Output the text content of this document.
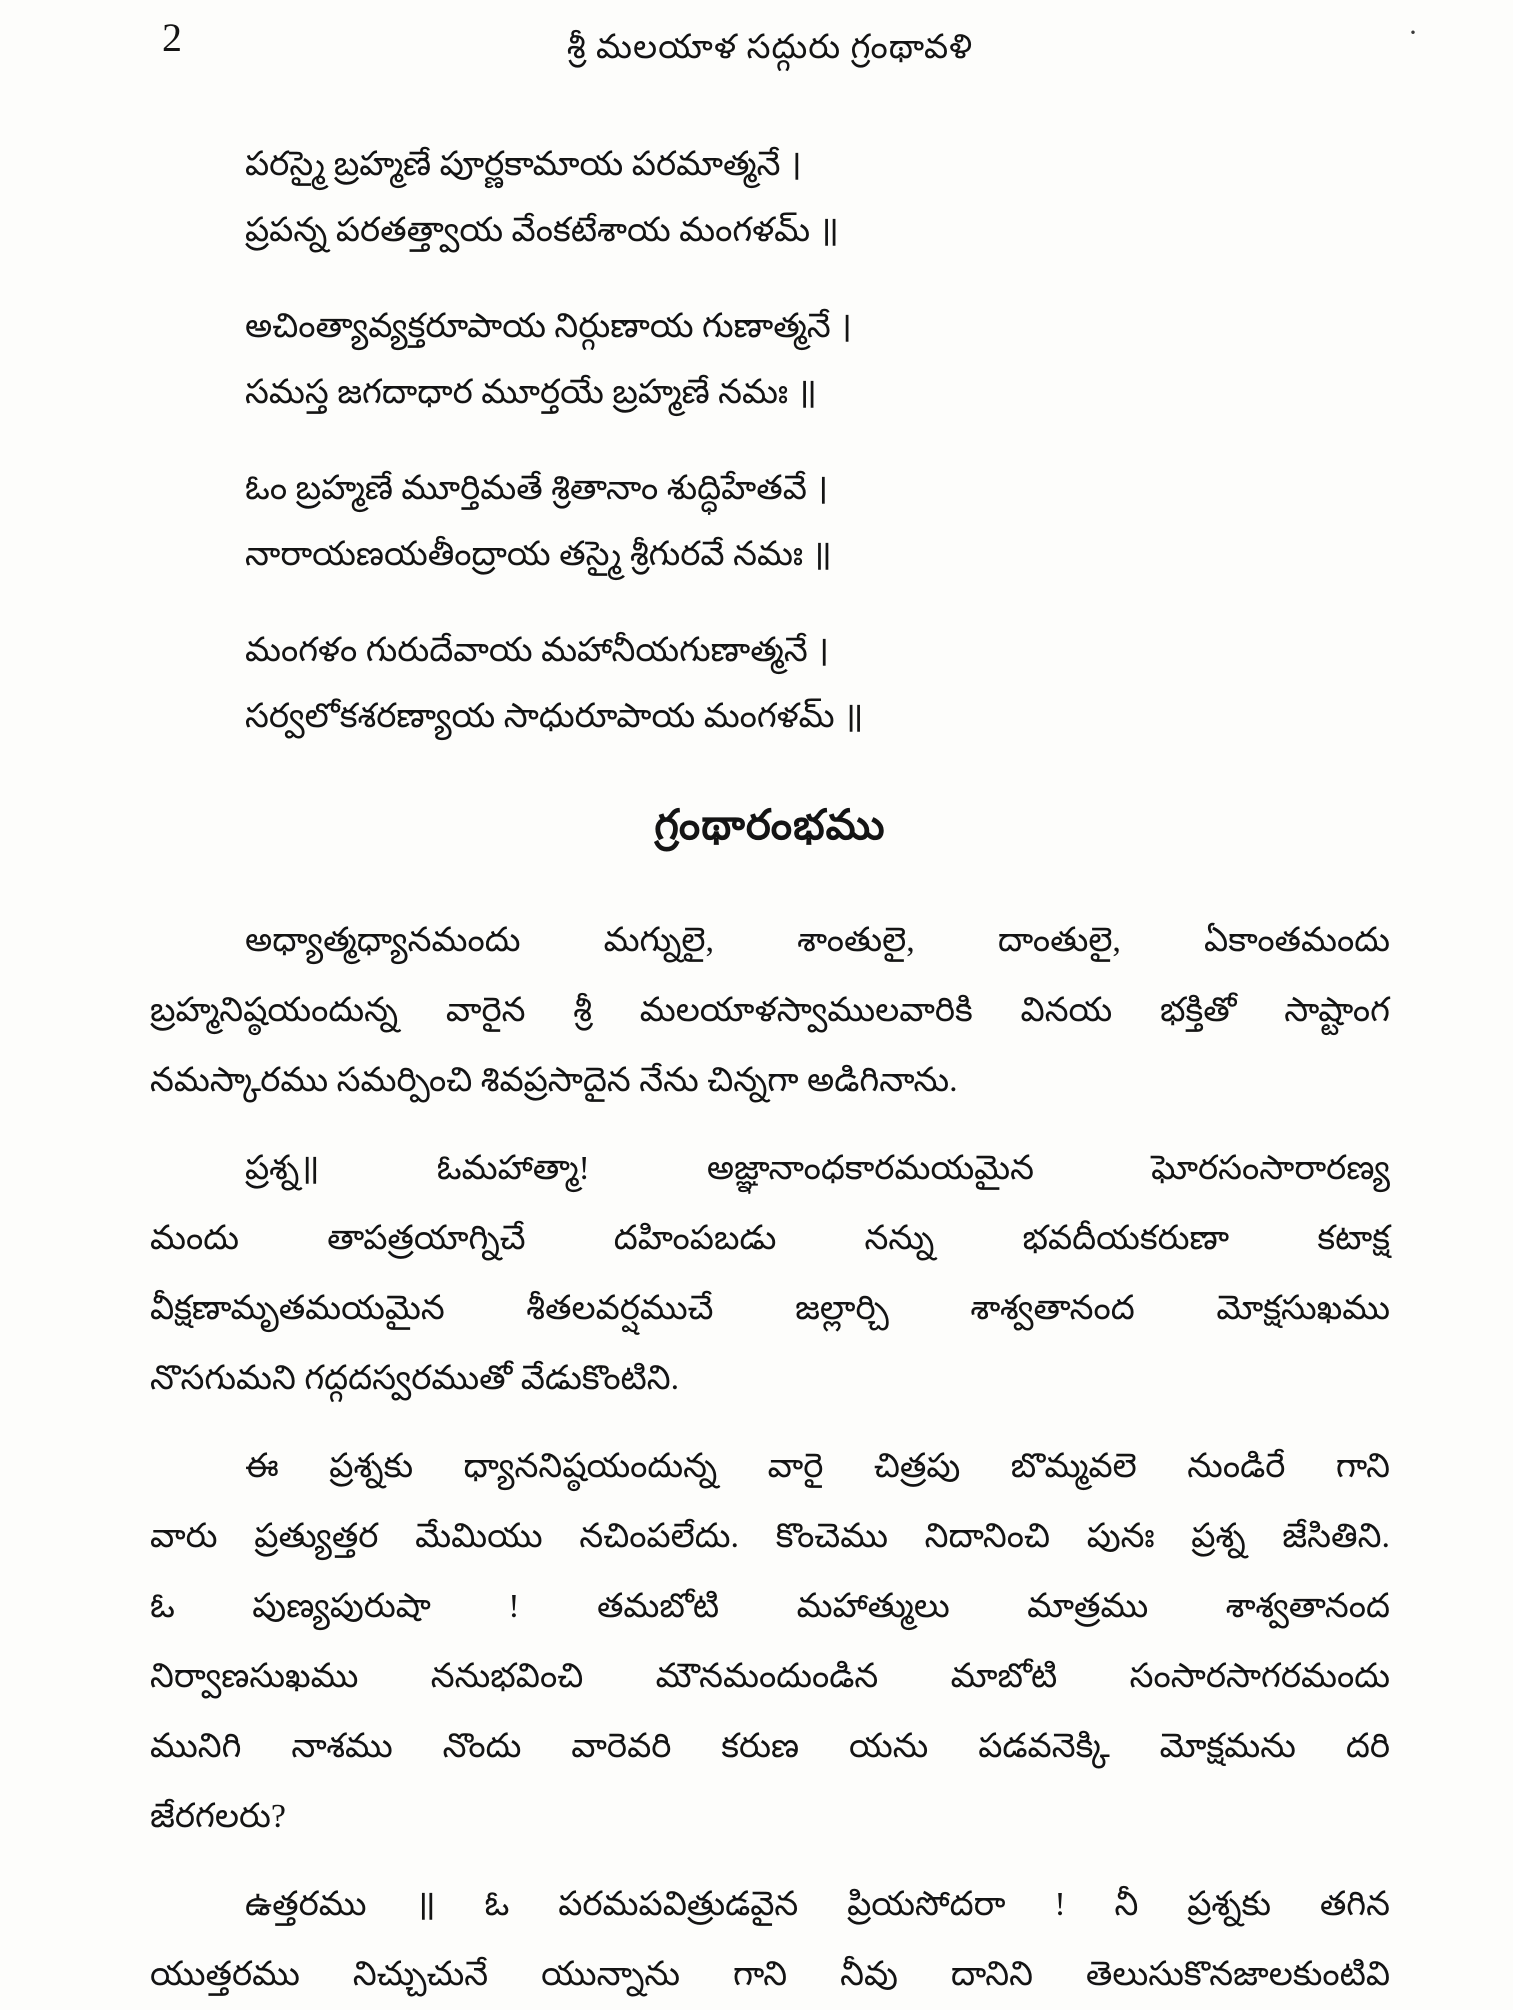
2	శ్రీ మలయాళ సద్గురు గ్రంథావళి	·
పరస్మై బ్రహ్మణే పూర్ణకామాయ పరమాత్మనే ।
ప్రపన్న పరతత్త్వాయ వేంకటేశాయ మంగళమ్ ॥
అచింత్యావ్యక్తరూపాయ నిర్గుణాయ గుణాత్మనే ।
సమస్త జగదాధార మూర్తయే బ్రహ్మణే నమః ॥
ఓం బ్రహ్మణే మూర్తిమతే శ్రితానాం శుద్ధిహేతవే ।
నారాయణయతీంద్రాయ తస్మై శ్రీగురవే నమః ॥
మంగళం గురుదేవాయ మహానీయగుణాత్మనే ।
సర్వలోకశరణ్యాయ సాధురూపాయ మంగళమ్ ॥
గ్రంథారంభము

అధ్యాత్మధ్యానమందు మగ్నులై, శాంతులై, దాంతులై, ఏకాంతమందు
బ్రహ్మనిష్ఠయందున్న వారైన శ్రీ మలయాళస్వాములవారికి వినయ భక్తితో సాష్టాంగ
నమస్కారము సమర్పించి శివప్రసాదైన నేను చిన్నగా అడిగినాను.

ప్రశ్న॥ ఓమహాత్మా! అజ్ఞానాంధకారమయమైన ఘోరసంసారారణ్య
మందు తాపత్రయాగ్నిచే దహింపబడు నన్ను భవదీయకరుణా కటాక్ష
వీక్షణామృతమయమైన శీతలవర్షముచే జల్లార్చి శాశ్వతానంద మోక్షసుఖము
నొసగుమని గద్గదస్వరముతో వేడుకొంటిని.

ఈ ప్రశ్నకు ధ్యాననిష్ఠయందున్న వారై చిత్రపు బొమ్మవలె నుండిరే గాని
వారు ప్రత్యుత్తర మేమియు నచింపలేదు. కొంచెము నిదానించి పునః ప్రశ్న జేసితిని.
ఓ పుణ్యపురుషా ! తమబోటి మహాత్ములు మాత్రము శాశ్వతానంద
నిర్వాణసుఖము ననుభవించి మౌనమందుండిన మాబోటి సంసారసాగరమందు
మునిగి నాశము నొందు వారెవరి కరుణ యను పడవనెక్కి మోక్షమను దరి
జేరగలరు?

ఉత్తరము ॥ ఓ పరమపవిత్రుడవైన ప్రియసోదరా ! నీ ప్రశ్నకు తగిన
యుత్తరము నిచ్చుచునే యున్నాను గాని నీవు దానిని తెలుసుకొనజాలకుంటివి
